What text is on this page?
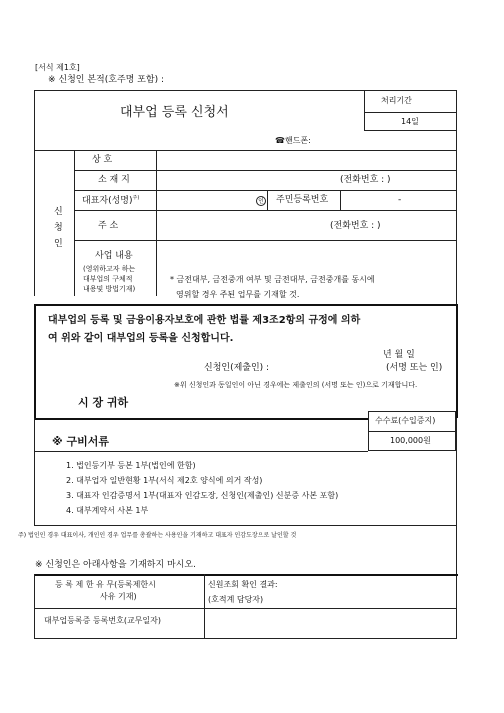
[서식 제1호]
※ 신청인 본적(호주명 포함) :
대부업 등록 신청서
처리기간
14일
☎핸드폰:
신
청
인
상 호
소 재 지	(전화번호 : )
대표자(성명)$^{주)}$	인 주민등록번호	-
주 소	(전화번호 : )
사업 내용
(영위하고자 하는
대부업의 구체적
내용및 방법기재)
* 금전대부, 금전중개 여부 및 금전대부, 금전중개를 동시에
영위할 경우 주된 업무를 기재할 것.
대부업의 등록 및 금융이용자보호에 관한 법률 제3조2항의 규정에 의하
여 위와 같이 대부업의 등록을 신청합니다.
년 월 일
신청인(제출인) :	(서명 또는 인)
※위 신청인과 동일인이 아닌 경우에는 제출인의 (서명 또는 인)으로 기재합니다.
시 장 귀하
수수료(수입증지)
100,000원
※ 구비서류
1. 법인등기부 등본 1부(법인에 한함)
2. 대부업자 일반현황 1부(서식 제2호 양식에 의거 작성)
3. 대표자 인감증명서 1부(대표자 인감도장, 신청인(제출인) 신분증 사본 포함)
4. 대부계약서 사본 1부
주) 법인인 경우 대표이사, 개인인 경우 업무를 총괄하는 사용인을 기재하고 대표자 인감도장으로 날인할 것
※ 신청인은 아래사항을 기재하지 마시오.
등 록 제 한 유 무(등록제한시
사유 기재)
신원조회 확인 결과:
(호적계 담당자)
대부업등록증 등록번호(교무일자)
